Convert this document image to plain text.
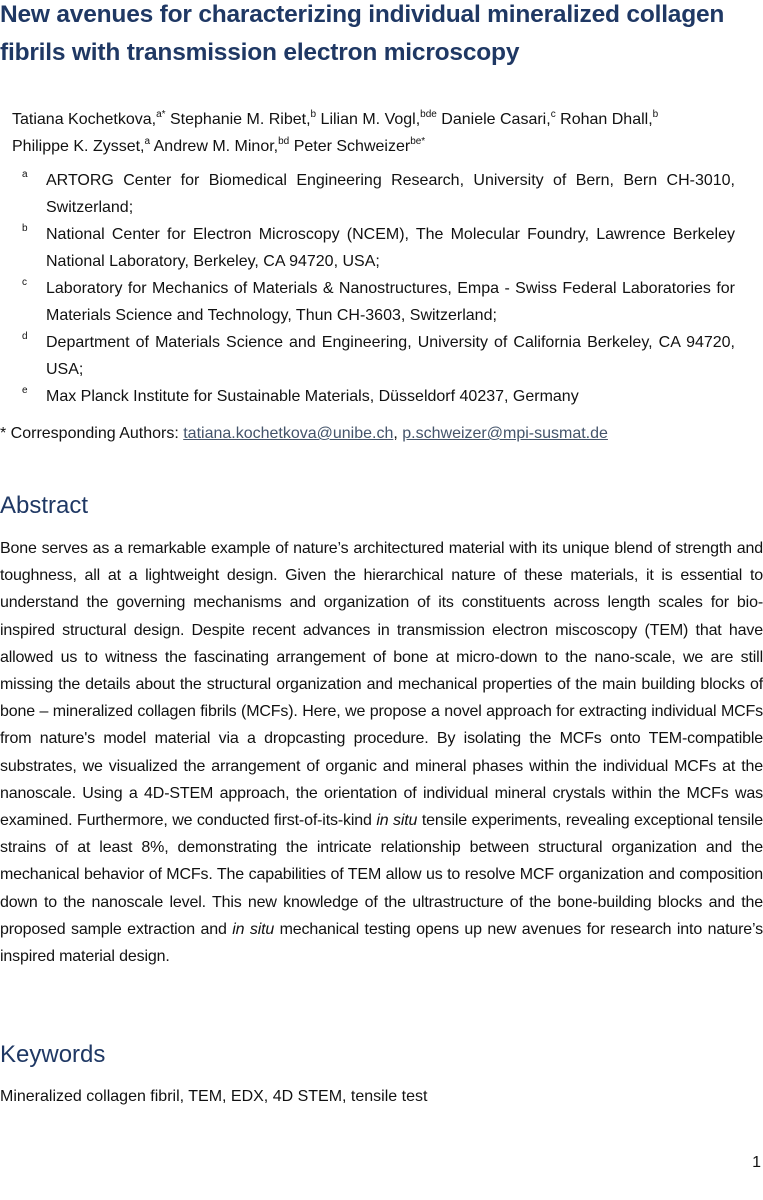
New avenues for characterizing individual mineralized collagen fibrils with transmission electron microscopy
Tatiana Kochetkova,$^{a*}$ Stephanie M. Ribet,$^b$ Lilian M. Vogl,$^{bde}$ Daniele Casari,$^c$ Rohan Dhall,$^b$
Philippe K. Zysset,$^a$ Andrew M. Minor,$^{bd}$ Peter Schweizer$^{be*}$
a ARTORG Center for Biomedical Engineering Research, University of Bern, Bern CH-3010, Switzerland;
b National Center for Electron Microscopy (NCEM), The Molecular Foundry, Lawrence Berkeley National Laboratory, Berkeley, CA 94720, USA;
c Laboratory for Mechanics of Materials & Nanostructures, Empa - Swiss Federal Laboratories for Materials Science and Technology, Thun CH-3603, Switzerland;
d Department of Materials Science and Engineering, University of California Berkeley, CA 94720, USA;
e Max Planck Institute for Sustainable Materials, Düsseldorf 40237, Germany
* Corresponding Authors: tatiana.kochetkova@unibe.ch, p.schweizer@mpi-susmat.de
Abstract
Bone serves as a remarkable example of nature’s architectured material with its unique blend of strength and toughness, all at a lightweight design. Given the hierarchical nature of these materials, it is essential to understand the governing mechanisms and organization of its constituents across length scales for bio-inspired structural design. Despite recent advances in transmission electron miscoscopy (TEM) that have allowed us to witness the fascinating arrangement of bone at micro-down to the nano-scale, we are still missing the details about the structural organization and mechanical properties of the main building blocks of bone – mineralized collagen fibrils (MCFs). Here, we propose a novel approach for extracting individual MCFs from nature's model material via a dropcasting procedure. By isolating the MCFs onto TEM-compatible substrates, we visualized the arrangement of organic and mineral phases within the individual MCFs at the nanoscale. Using a 4D-STEM approach, the orientation of individual mineral crystals within the MCFs was examined. Furthermore, we conducted first-of-its-kind in situ tensile experiments, revealing exceptional tensile strains of at least 8%, demonstrating the intricate relationship between structural organization and the mechanical behavior of MCFs. The capabilities of TEM allow us to resolve MCF organization and composition down to the nanoscale level. This new knowledge of the ultrastructure of the bone-building blocks and the proposed sample extraction and in situ mechanical testing opens up new avenues for research into nature’s inspired material design.
Keywords
Mineralized collagen fibril, TEM, EDX, 4D STEM, tensile test
1
